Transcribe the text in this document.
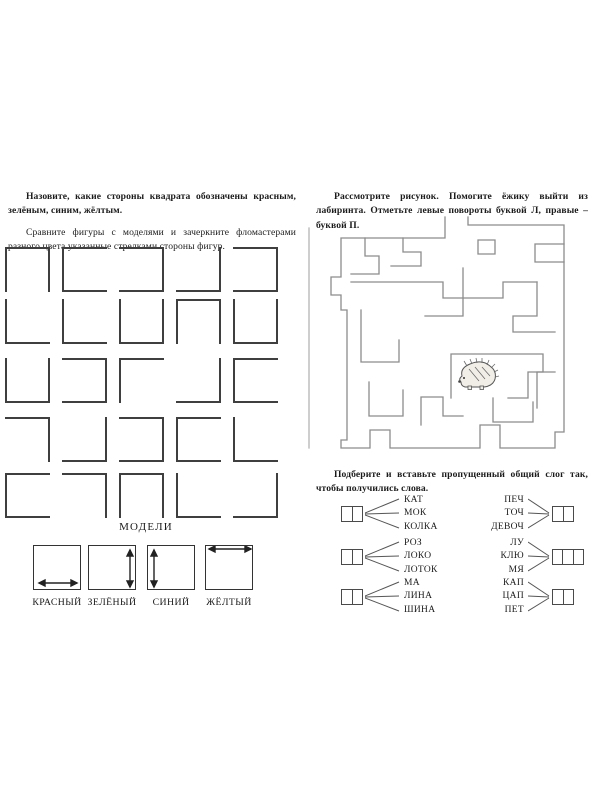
Назовите, какие стороны квадрата обозначены красным, зелёным, синим, жёлтым.

Сравните фигуры с моделями и зачеркните фломастерами разного цвета указанные стрелками стороны фигур.

МОДЕЛИ
КРАСНЫЙ ЗЕЛЁНЫЙ	СИНИЙ	ЖЁЛТЫЙ

Рассмотрите рисунок. Помогите ёжику выйти из лабиринта. Отметьте левые повороты буквой Л, правые – буквой П.

Подберите и вставьте пропущенный общий слог так, чтобы получились слова.

КАТ
МОК
КОЛКА
РОЗ
ЛОКО
ЛОТОК
МА
ЛИНА
ШИНА
ПЕЧ
ТОЧ
ДЕВОЧ
ЛУ
КЛЮ
МЯ
КАП
ЦАП
ПЕТ
